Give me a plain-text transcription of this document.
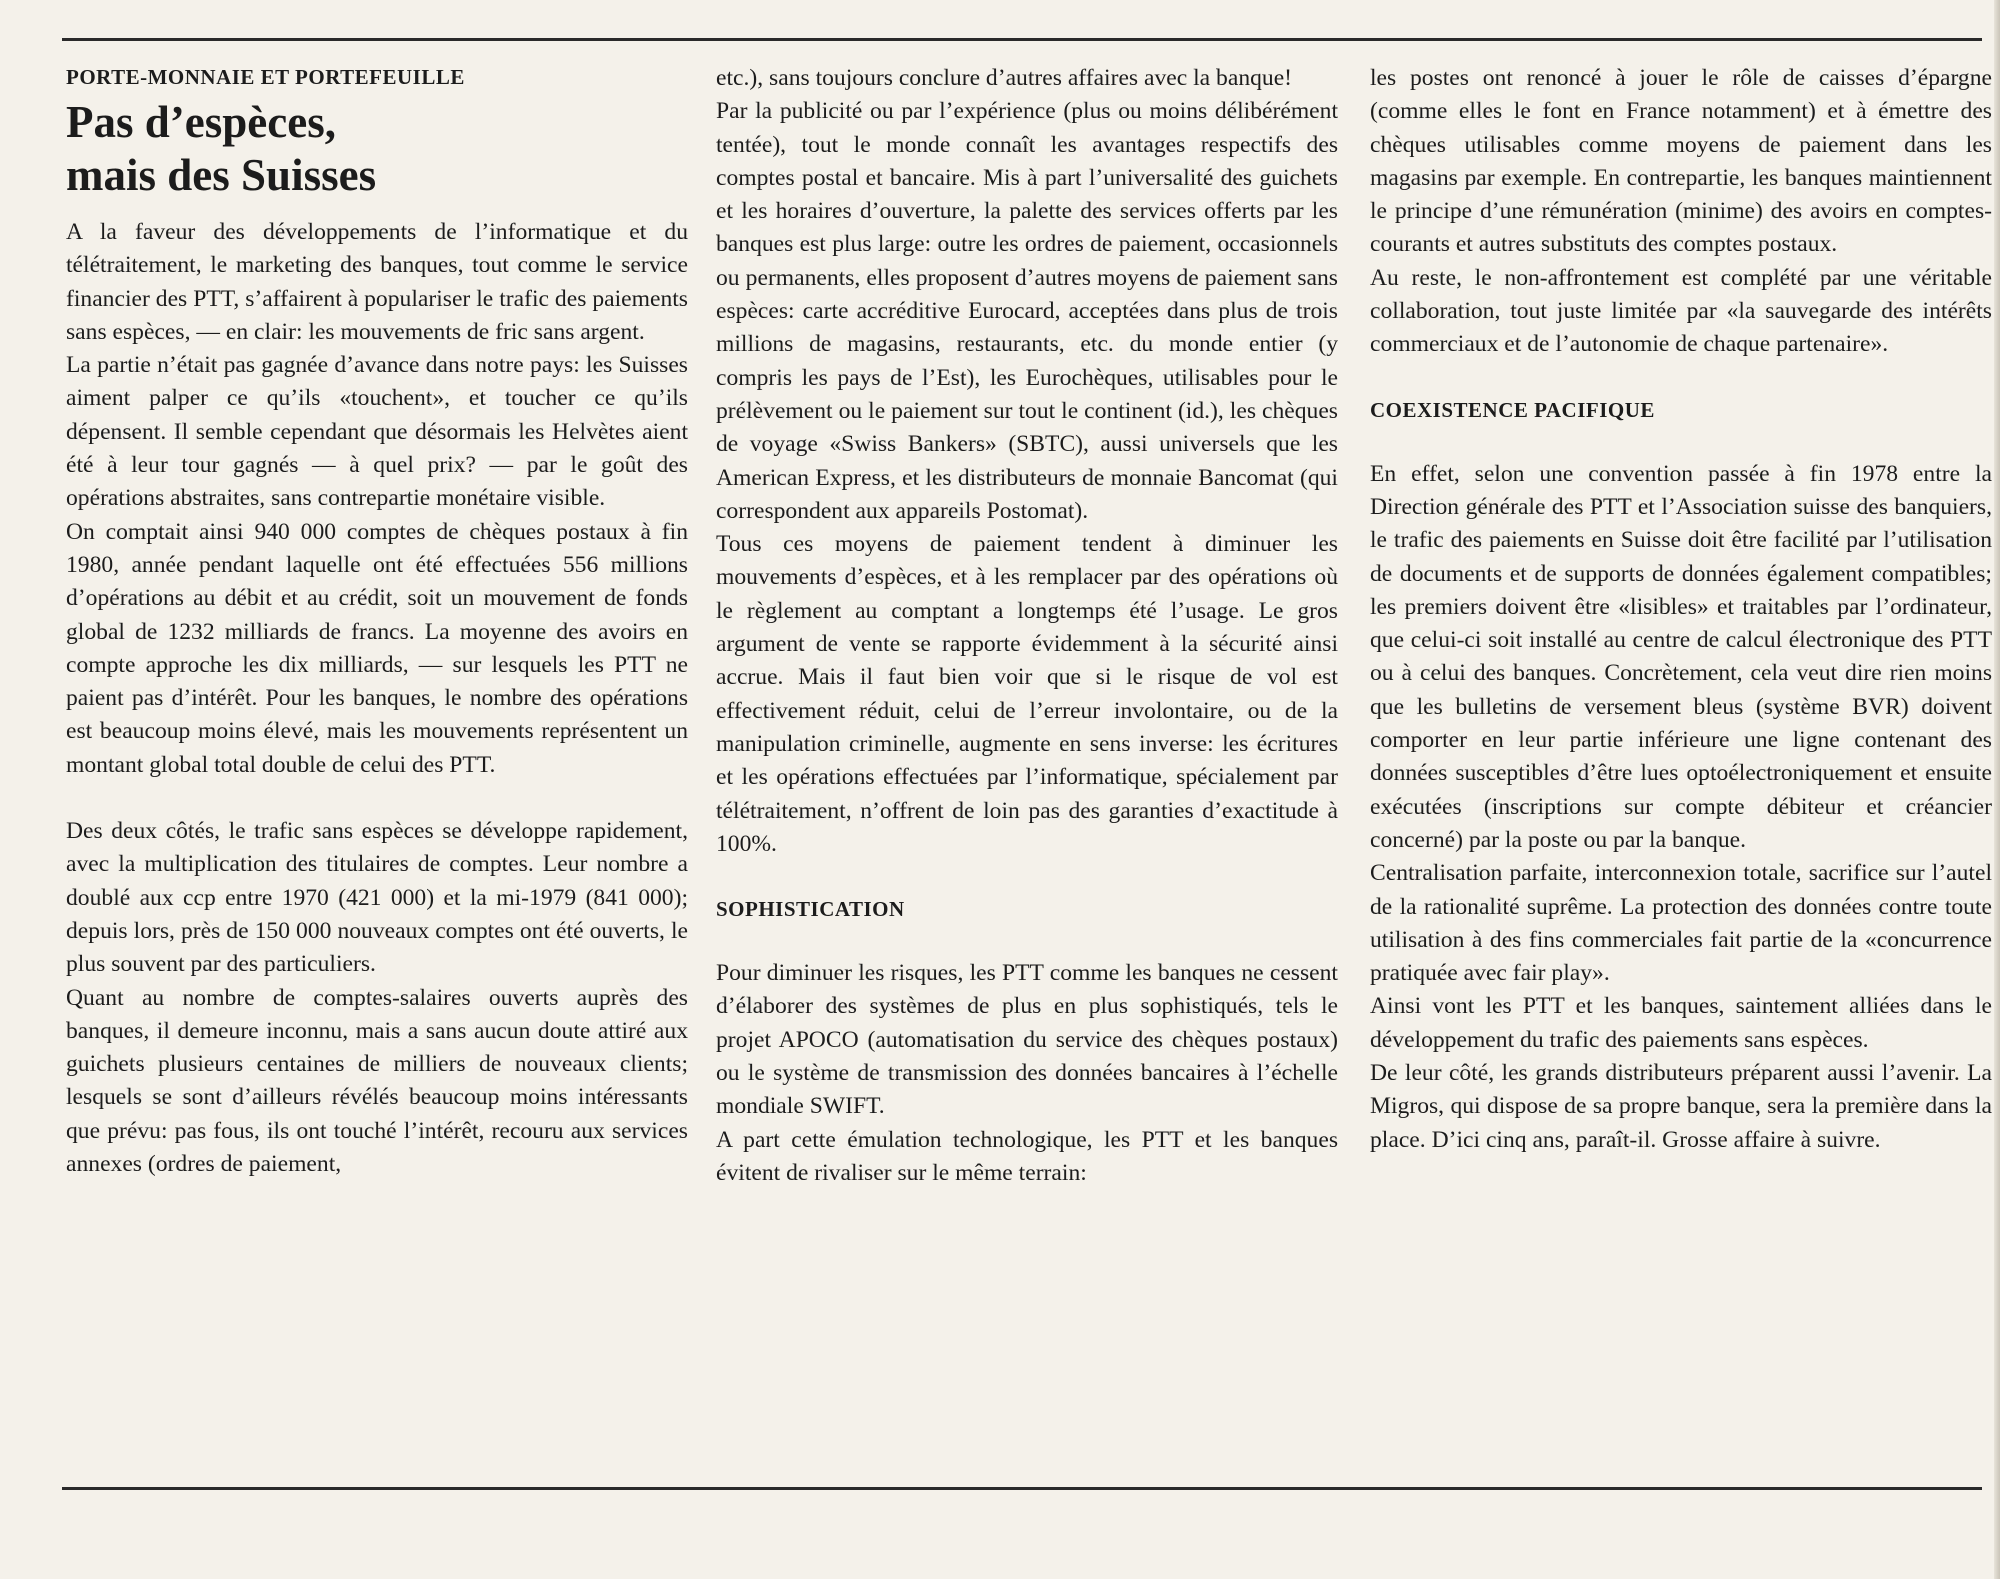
PORTE-MONNAIE ET PORTEFEUILLE
Pas d’espèces,
mais des Suisses

A la faveur des développements de l’informatique et du télétraitement, le marketing des banques, tout comme le service financier des PTT, s’affairent à populariser le trafic des paiements sans espèces, — en clair: les mouvements de fric sans argent.

La partie n’était pas gagnée d’avance dans notre pays: les Suisses aiment palper ce qu’ils «touchent», et toucher ce qu’ils dépensent. Il semble cependant que désormais les Helvètes aient été à leur tour gagnés — à quel prix? — par le goût des opérations abstraites, sans contrepartie monétaire visible.

On comptait ainsi 940 000 comptes de chèques postaux à fin 1980, année pendant laquelle ont été effectuées 556 millions d’opérations au débit et au crédit, soit un mouvement de fonds global de 1232 milliards de francs. La moyenne des avoirs en compte approche les dix milliards, — sur lesquels les PTT ne paient pas d’intérêt. Pour les banques, le nombre des opérations est beaucoup moins élevé, mais les mouvements représentent un montant global total double de celui des PTT.

Des deux côtés, le trafic sans espèces se développe rapidement, avec la multiplication des titulaires de comptes. Leur nombre a doublé aux ccp entre 1970 (421 000) et la mi-1979 (841 000); depuis lors, près de 150 000 nouveaux comptes ont été ouverts, le plus souvent par des particuliers.

Quant au nombre de comptes-salaires ouverts auprès des banques, il demeure inconnu, mais a sans aucun doute attiré aux guichets plusieurs centaines de milliers de nouveaux clients; lesquels se sont d’ailleurs révélés beaucoup moins intéressants que prévu: pas fous, ils ont touché l’intérêt, recouru aux services annexes (ordres de paiement,

etc.), sans toujours conclure d’autres affaires avec la banque!

Par la publicité ou par l’expérience (plus ou moins délibérément tentée), tout le monde connaît les avantages respectifs des comptes postal et bancaire. Mis à part l’universalité des guichets et les horaires d’ouverture, la palette des services offerts par les banques est plus large: outre les ordres de paiement, occasionnels ou permanents, elles proposent d’autres moyens de paiement sans espèces: carte accréditive Eurocard, acceptées dans plus de trois millions de magasins, restaurants, etc. du monde entier (y compris les pays de l’Est), les Eurochèques, utilisables pour le prélèvement ou le paiement sur tout le continent (id.), les chèques de voyage «Swiss Bankers» (SBTC), aussi universels que les American Express, et les distributeurs de monnaie Bancomat (qui correspondent aux appareils Postomat).

Tous ces moyens de paiement tendent à diminuer les mouvements d’espèces, et à les remplacer par des opérations où le règlement au comptant a longtemps été l’usage. Le gros argument de vente se rapporte évidemment à la sécurité ainsi accrue. Mais il faut bien voir que si le risque de vol est effectivement réduit, celui de l’erreur involontaire, ou de la manipulation criminelle, augmente en sens inverse: les écritures et les opérations effectuées par l’informatique, spécialement par télétraitement, n’offrent de loin pas des garanties d’exactitude à 100%.

SOPHISTICATION

Pour diminuer les risques, les PTT comme les banques ne cessent d’élaborer des systèmes de plus en plus sophistiqués, tels le projet APOCO (automatisation du service des chèques postaux) ou le système de transmission des données bancaires à l’échelle mondiale SWIFT.

A part cette émulation technologique, les PTT et les banques évitent de rivaliser sur le même terrain:

les postes ont renoncé à jouer le rôle de caisses d’épargne (comme elles le font en France notamment) et à émettre des chèques utilisables comme moyens de paiement dans les magasins par exemple. En contrepartie, les banques maintiennent le principe d’une rémunération (minime) des avoirs en comptes-courants et autres substituts des comptes postaux.

Au reste, le non-affrontement est complété par une véritable collaboration, tout juste limitée par «la sauvegarde des intérêts commerciaux et de l’autonomie de chaque partenaire».

COEXISTENCE PACIFIQUE

En effet, selon une convention passée à fin 1978 entre la Direction générale des PTT et l’Association suisse des banquiers, le trafic des paiements en Suisse doit être facilité par l’utilisation de documents et de supports de données également compatibles; les premiers doivent être «lisibles» et traitables par l’ordinateur, que celui-ci soit installé au centre de calcul électronique des PTT ou à celui des banques. Concrètement, cela veut dire rien moins que les bulletins de versement bleus (système BVR) doivent comporter en leur partie inférieure une ligne contenant des données susceptibles d’être lues optoélectroniquement et ensuite exécutées (inscriptions sur compte débiteur et créancier concerné) par la poste ou par la banque.

Centralisation parfaite, interconnexion totale, sacrifice sur l’autel de la rationalité suprême. La protection des données contre toute utilisation à des fins commerciales fait partie de la «concurrence pratiquée avec fair play».

Ainsi vont les PTT et les banques, saintement alliées dans le développement du trafic des paiements sans espèces.

De leur côté, les grands distributeurs préparent aussi l’avenir. La Migros, qui dispose de sa propre banque, sera la première dans la place. D’ici cinq ans, paraît-il. Grosse affaire à suivre.
